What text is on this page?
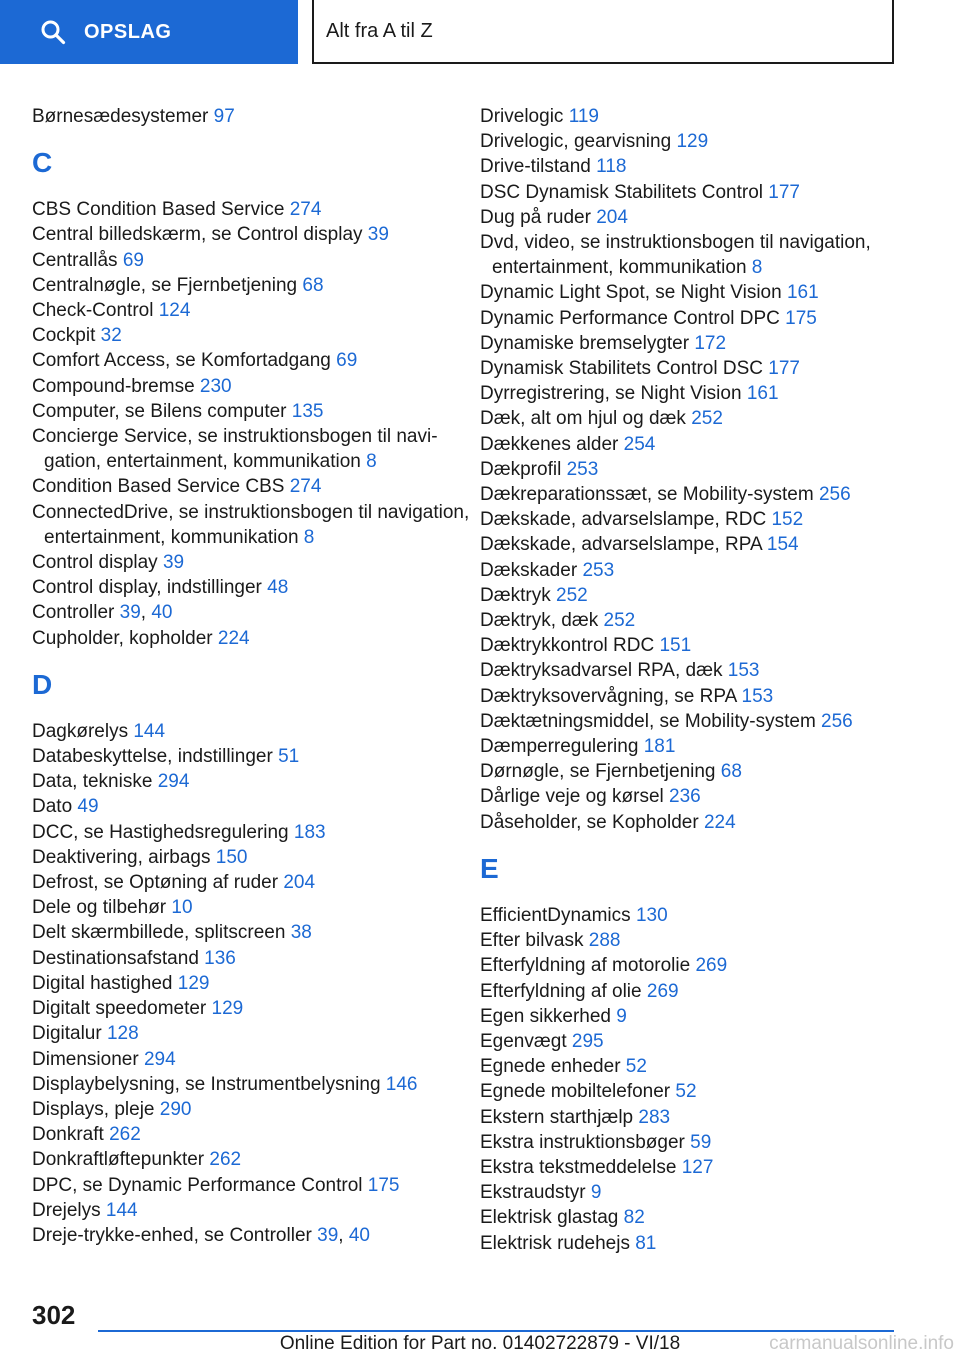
OPSLAG	Alt fra A til Z
Børnesædesystemer 97
C
CBS Condition Based Service 274
Central billedskærm, se Control display 39
Centrallås 69
Centralnøgle, se Fjernbetjening 68
Check-Control 124
Cockpit 32
Comfort Access, se Komfortadgang 69
Compound-bremse 230
Computer, se Bilens computer 135
Concierge Service, se instruktionsbogen til navigation, entertainment, kommunikation 8
Condition Based Service CBS 274
ConnectedDrive, se instruktionsbogen til navigation, entertainment, kommunikation 8
Control display 39
Control display, indstillinger 48
Controller 39, 40
Cupholder, kopholder 224
D
Dagkørelys 144
Databeskyttelse, indstillinger 51
Data, tekniske 294
Dato 49
DCC, se Hastighedsregulering 183
Deaktivering, airbags 150
Defrost, se Optøning af ruder 204
Dele og tilbehør 10
Delt skærmbillede, splitscreen 38
Destinationsafstand 136
Digital hastighed 129
Digitalt speedometer 129
Digitalur 128
Dimensioner 294
Displaybelysning, se Instrumentbelysning 146
Displays, pleje 290
Donkraft 262
Donkraftløftepunkter 262
DPC, se Dynamic Performance Control 175
Drejelys 144
Dreje-trykke-enhed, se Controller 39, 40
Drivelogic 119
Drivelogic, gearvisning 129
Drive-tilstand 118
DSC Dynamisk Stabilitets Control 177
Dug på ruder 204
Dvd, video, se instruktionsbogen til navigation, entertainment, kommunikation 8
Dynamic Light Spot, se Night Vision 161
Dynamic Performance Control DPC 175
Dynamiske bremselygter 172
Dynamisk Stabilitets Control DSC 177
Dyrregistrering, se Night Vision 161
Dæk, alt om hjul og dæk 252
Dækkenes alder 254
Dækprofil 253
Dækreparationssæt, se Mobility-system 256
Dækskade, advarselslampe, RDC 152
Dækskade, advarselslampe, RPA 154
Dækskader 253
Dæktryk 252
Dæktryk, dæk 252
Dæktrykkontrol RDC 151
Dæktryksadvarsel RPA, dæk 153
Dæktryksovervågning, se RPA 153
Dæktætningsmiddel, se Mobility-system 256
Dæmperregulering 181
Dørnøgle, se Fjernbetjening 68
Dårlige veje og kørsel 236
Dåseholder, se Kopholder 224
E
EfficientDynamics 130
Efter bilvask 288
Efterfyldning af motorolie 269
Efterfyldning af olie 269
Egen sikkerhed 9
Egenvægt 295
Egnede enheder 52
Egnede mobiltelefoner 52
Ekstern starthjælp 283
Ekstra instruktionsbøger 59
Ekstra tekstmeddelelse 127
Ekstraudstyr 9
Elektrisk glastag 82
Elektrisk rudehejs 81
302
Online Edition for Part no. 01402722879 - VI/18	carmanualsonline.info
